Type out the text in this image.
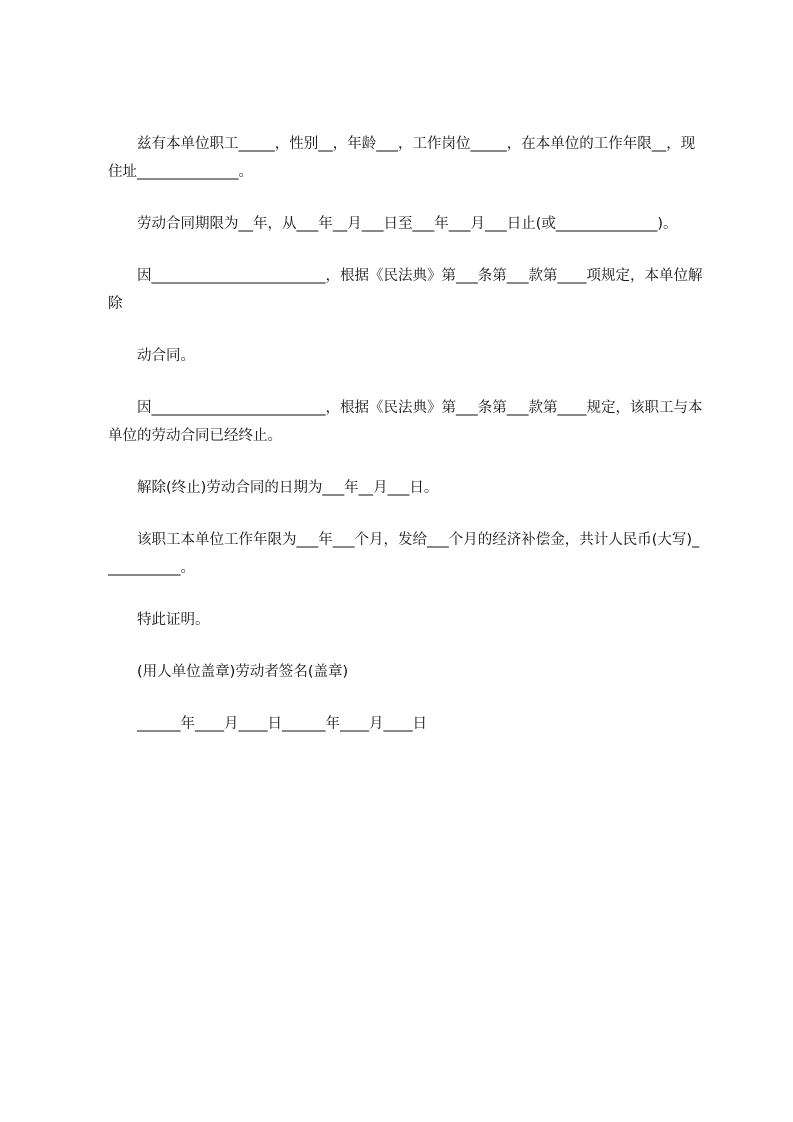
兹有本单位职工_____，性别__，年龄___，工作岗位_____，在本单位的工作年限__，现住址______________。

劳动合同期限为__年，从___年__月___日至___年___月___日止(或______________)。

因________________________，根据《民法典》第___条第___款第____项规定，本单位解除

动合同。

因________________________，根据《民法典》第___条第___款第____规定，该职工与本单位的劳动合同已经终止。

解除(终止)劳动合同的日期为___年__月___日。

该职工本单位工作年限为___年___个月，发给___个月的经济补偿金，共计人民币(大写)___________。

特此证明。

(用人单位盖章)劳动者签名(盖章)

______年____月____日______年____月____日
